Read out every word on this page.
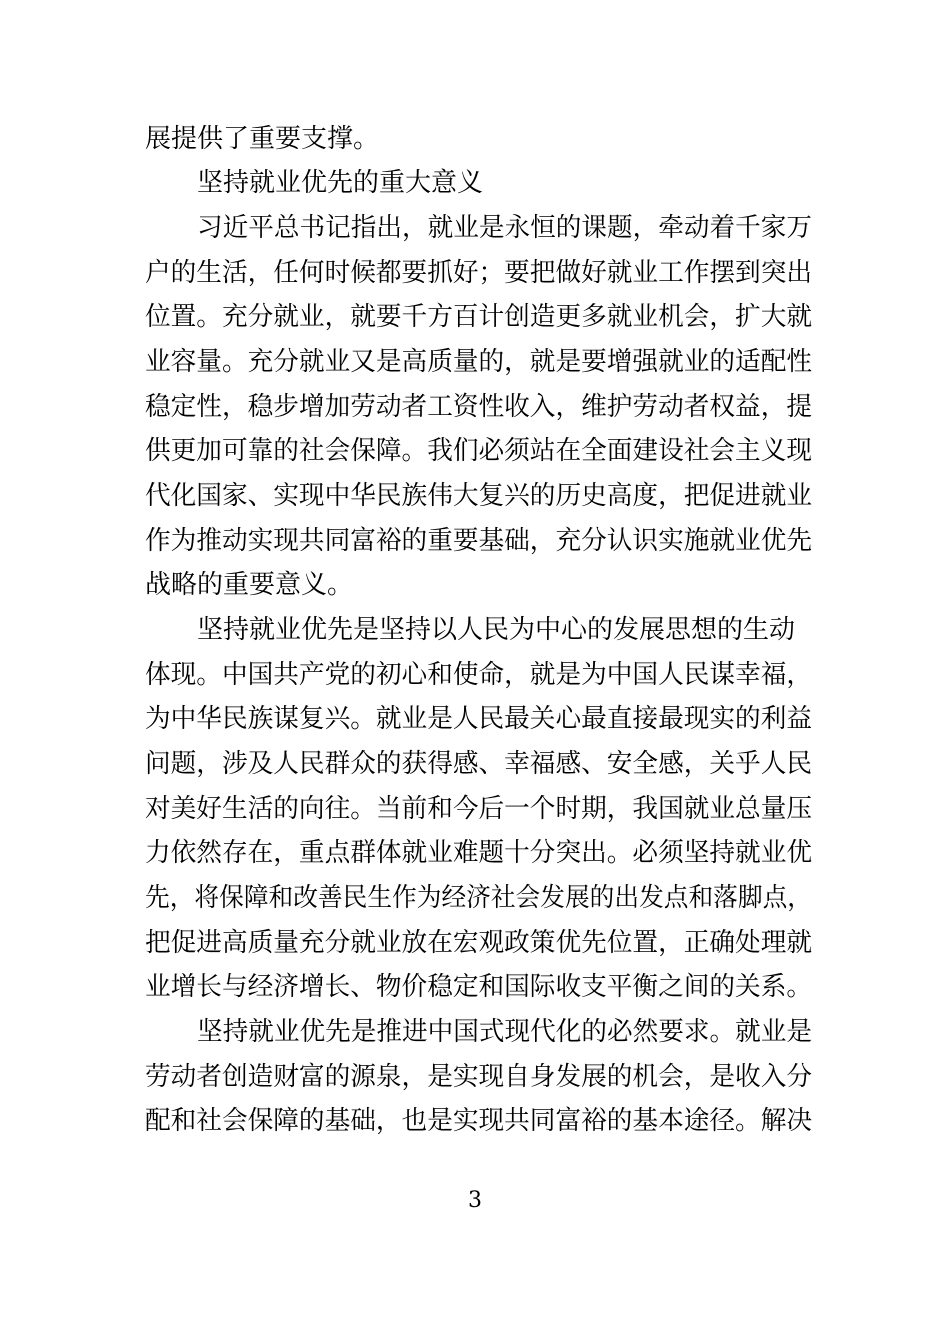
展提供了重要支撑。
坚持就业优先的重大意义
习近平总书记指出，就业是永恒的课题，牵动着千家万
户的生活，任何时候都要抓好；要把做好就业工作摆到突出
位置。充分就业，就要千方百计创造更多就业机会，扩大就
业容量。充分就业又是高质量的，就是要增强就业的适配性
稳定性，稳步增加劳动者工资性收入，维护劳动者权益，提
供更加可靠的社会保障。我们必须站在全面建设社会主义现
代化国家、实现中华民族伟大复兴的历史高度，把促进就业
作为推动实现共同富裕的重要基础，充分认识实施就业优先
战略的重要意义。
坚持就业优先是坚持以人民为中心的发展思想的生动
体现。中国共产党的初心和使命，就是为中国人民谋幸福，
为中华民族谋复兴。就业是人民最关心最直接最现实的利益
问题，涉及人民群众的获得感、幸福感、安全感，关乎人民
对美好生活的向往。当前和今后一个时期，我国就业总量压
力依然存在，重点群体就业难题十分突出。必须坚持就业优
先，将保障和改善民生作为经济社会发展的出发点和落脚点，
把促进高质量充分就业放在宏观政策优先位置，正确处理就
业增长与经济增长、物价稳定和国际收支平衡之间的关系。
坚持就业优先是推进中国式现代化的必然要求。就业是
劳动者创造财富的源泉，是实现自身发展的机会，是收入分
配和社会保障的基础，也是实现共同富裕的基本途径。解决
3
